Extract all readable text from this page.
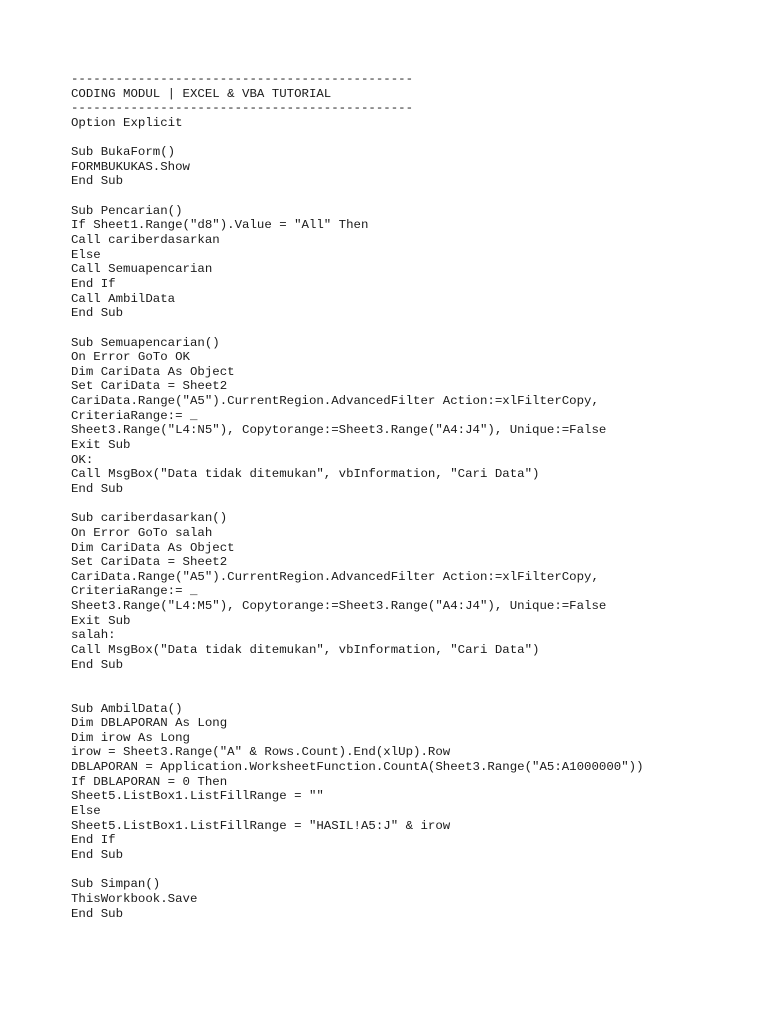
----------------------------------------------
CODING MODUL | EXCEL & VBA TUTORIAL
----------------------------------------------
Option Explicit
Sub BukaForm()
FORMBUKUKAS.Show
End Sub
Sub Pencarian()
If Sheet1.Range("d8").Value = "All" Then
Call cariberdasarkan
Else
Call Semuapencarian
End If
Call AmbilData
End Sub
Sub Semuapencarian()
On Error GoTo OK
Dim CariData As Object
Set CariData = Sheet2
CariData.Range("A5").CurrentRegion.AdvancedFilter Action:=xlFilterCopy,
CriteriaRange:= _
Sheet3.Range("L4:N5"), Copytorange:=Sheet3.Range("A4:J4"), Unique:=False
Exit Sub
OK:
Call MsgBox("Data tidak ditemukan", vbInformation, "Cari Data")
End Sub
Sub cariberdasarkan()
On Error GoTo salah
Dim CariData As Object
Set CariData = Sheet2
CariData.Range("A5").CurrentRegion.AdvancedFilter Action:=xlFilterCopy,
CriteriaRange:= _
Sheet3.Range("L4:M5"), Copytorange:=Sheet3.Range("A4:J4"), Unique:=False
Exit Sub
salah:
Call MsgBox("Data tidak ditemukan", vbInformation, "Cari Data")
End Sub
Sub AmbilData()
Dim DBLAPORAN As Long
Dim irow As Long
irow = Sheet3.Range("A" & Rows.Count).End(xlUp).Row
DBLAPORAN = Application.WorksheetFunction.CountA(Sheet3.Range("A5:A1000000"))
If DBLAPORAN = 0 Then
Sheet5.ListBox1.ListFillRange = ""
Else
Sheet5.ListBox1.ListFillRange = "HASIL!A5:J" & irow
End If
End Sub
Sub Simpan()
ThisWorkbook.Save
End Sub
